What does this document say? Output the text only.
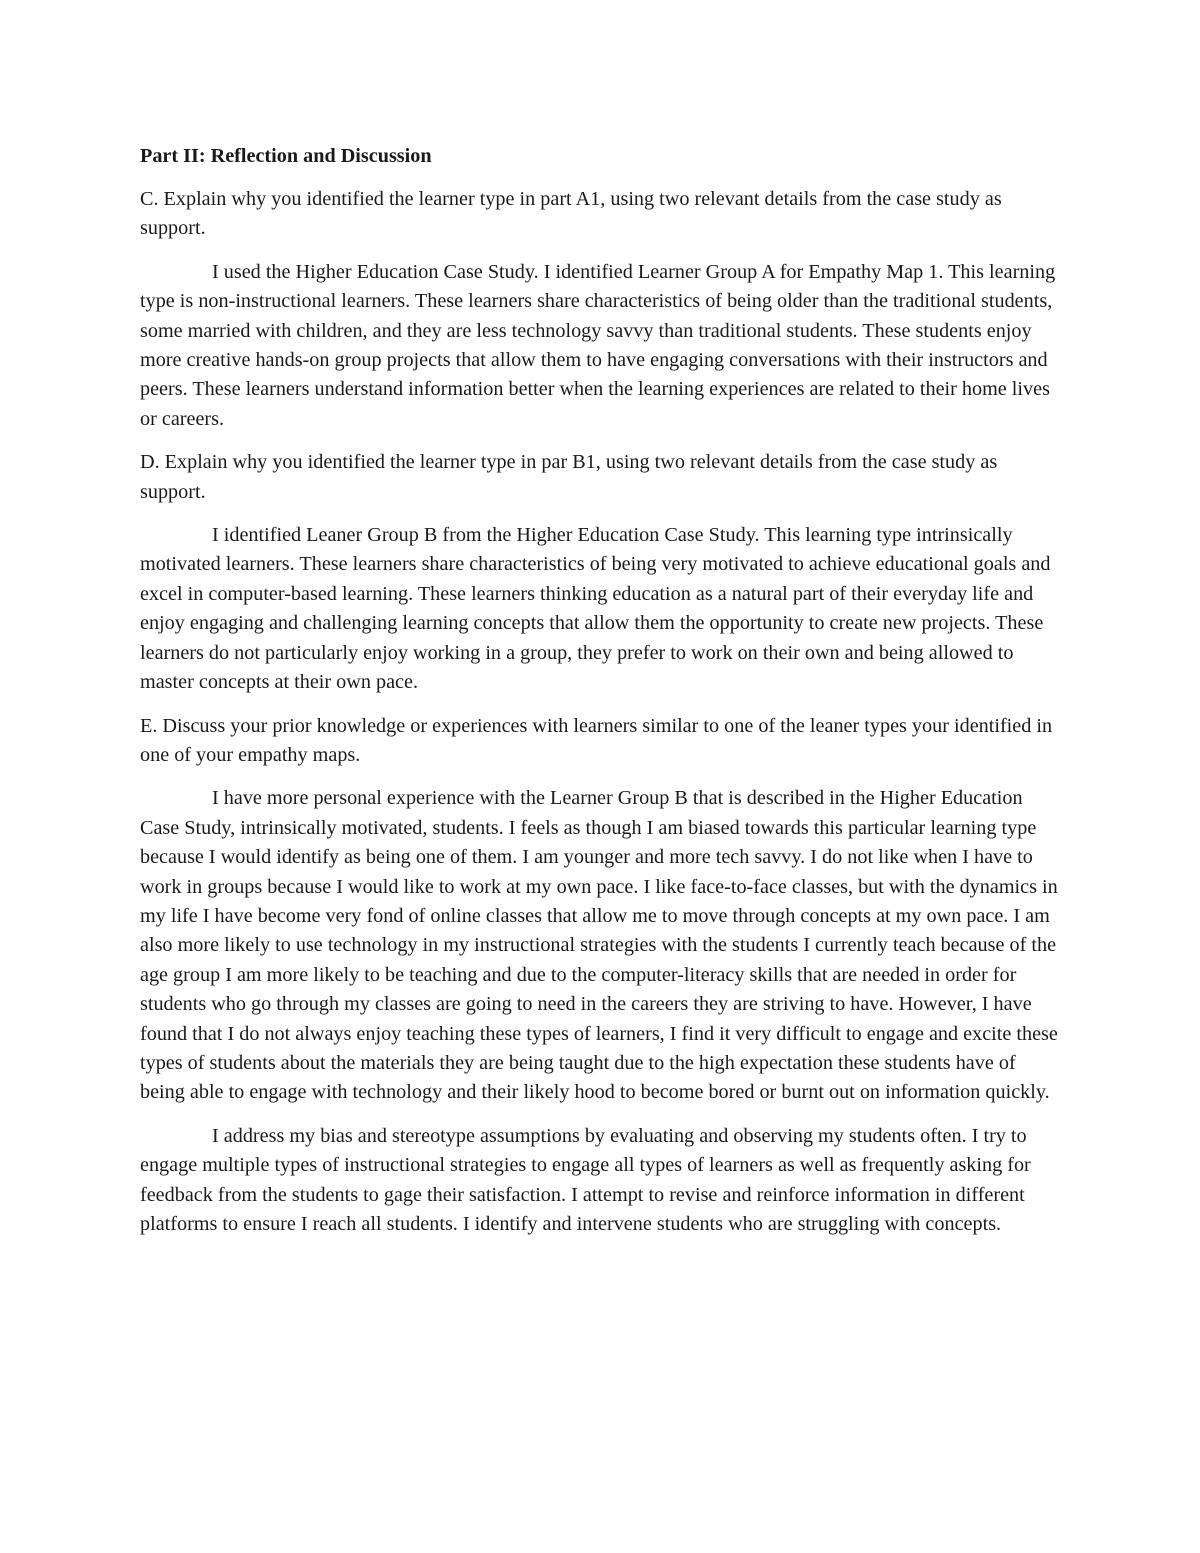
Part II: Reflection and Discussion

C. Explain why you identified the learner type in part A1, using two relevant details from the case study as support.

I used the Higher Education Case Study. I identified Learner Group A for Empathy Map 1. This learning type is non-instructional learners. These learners share characteristics of being older than the traditional students, some married with children, and they are less technology savvy than traditional students. These students enjoy more creative hands-on group projects that allow them to have engaging conversations with their instructors and peers. These learners understand information better when the learning experiences are related to their home lives or careers.

D. Explain why you identified the learner type in par B1, using two relevant details from the case study as support.

I identified Leaner Group B from the Higher Education Case Study. This learning type intrinsically motivated learners. These learners share characteristics of being very motivated to achieve educational goals and excel in computer-based learning. These learners thinking education as a natural part of their everyday life and enjoy engaging and challenging learning concepts that allow them the opportunity to create new projects. These learners do not particularly enjoy working in a group, they prefer to work on their own and being allowed to master concepts at their own pace.

E. Discuss your prior knowledge or experiences with learners similar to one of the leaner types your identified in one of your empathy maps.

I have more personal experience with the Learner Group B that is described in the Higher Education Case Study, intrinsically motivated, students. I feels as though I am biased towards this particular learning type because I would identify as being one of them. I am younger and more tech savvy. I do not like when I have to work in groups because I would like to work at my own pace. I like face-to-face classes, but with the dynamics in my life I have become very fond of online classes that allow me to move through concepts at my own pace. I am also more likely to use technology in my instructional strategies with the students I currently teach because of the age group I am more likely to be teaching and due to the computer-literacy skills that are needed in order for students who go through my classes are going to need in the careers they are striving to have. However, I have found that I do not always enjoy teaching these types of learners, I find it very difficult to engage and excite these types of students about the materials they are being taught due to the high expectation these students have of being able to engage with technology and their likely hood to become bored or burnt out on information quickly.

I address my bias and stereotype assumptions by evaluating and observing my students often. I try to engage multiple types of instructional strategies to engage all types of learners as well as frequently asking for feedback from the students to gage their satisfaction. I attempt to revise and reinforce information in different platforms to ensure I reach all students. I identify and intervene students who are struggling with concepts.
